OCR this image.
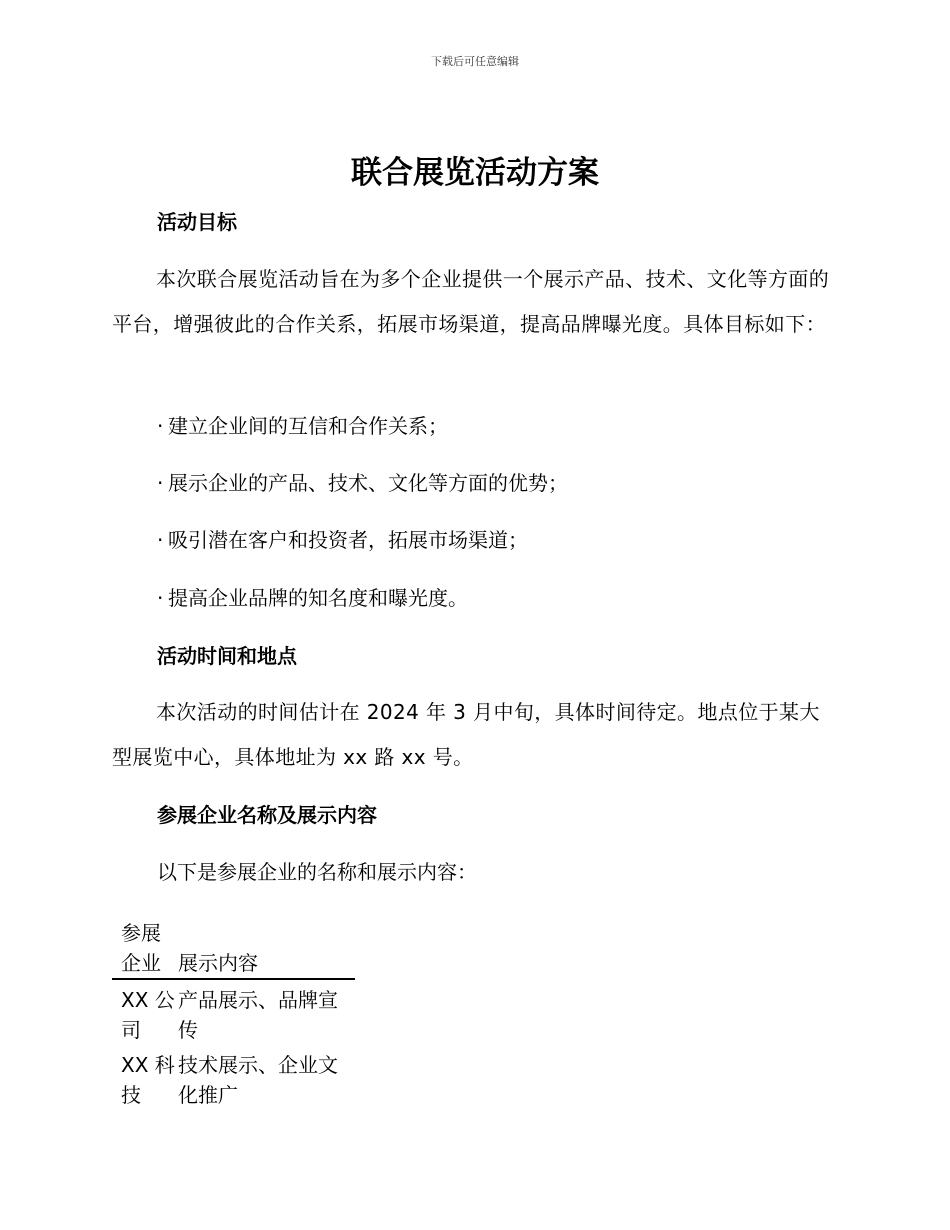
下载后可任意编辑
联合展览活动方案
活动目标

本次联合展览活动旨在为多个企业提供一个展示产品、技术、文化等方面的平台，增强彼此的合作关系，拓展市场渠道，提高品牌曝光度。具体目标如下：

· 建立企业间的互信和合作关系；

· 展示企业的产品、技术、文化等方面的优势；

· 吸引潜在客户和投资者，拓展市场渠道；

· 提高企业品牌的知名度和曝光度。

活动时间和地点

本次活动的时间估计在 2024 年 3 月中旬，具体时间待定。地点位于某大型展览中心，具体地址为 xx 路 xx 号。

参展企业名称及展示内容

以下是参展企业的名称和展示内容：

参展企业 展示内容
XX 公司
产品展示、品牌宣传
XX 科技
技术展示、企业文化推广
